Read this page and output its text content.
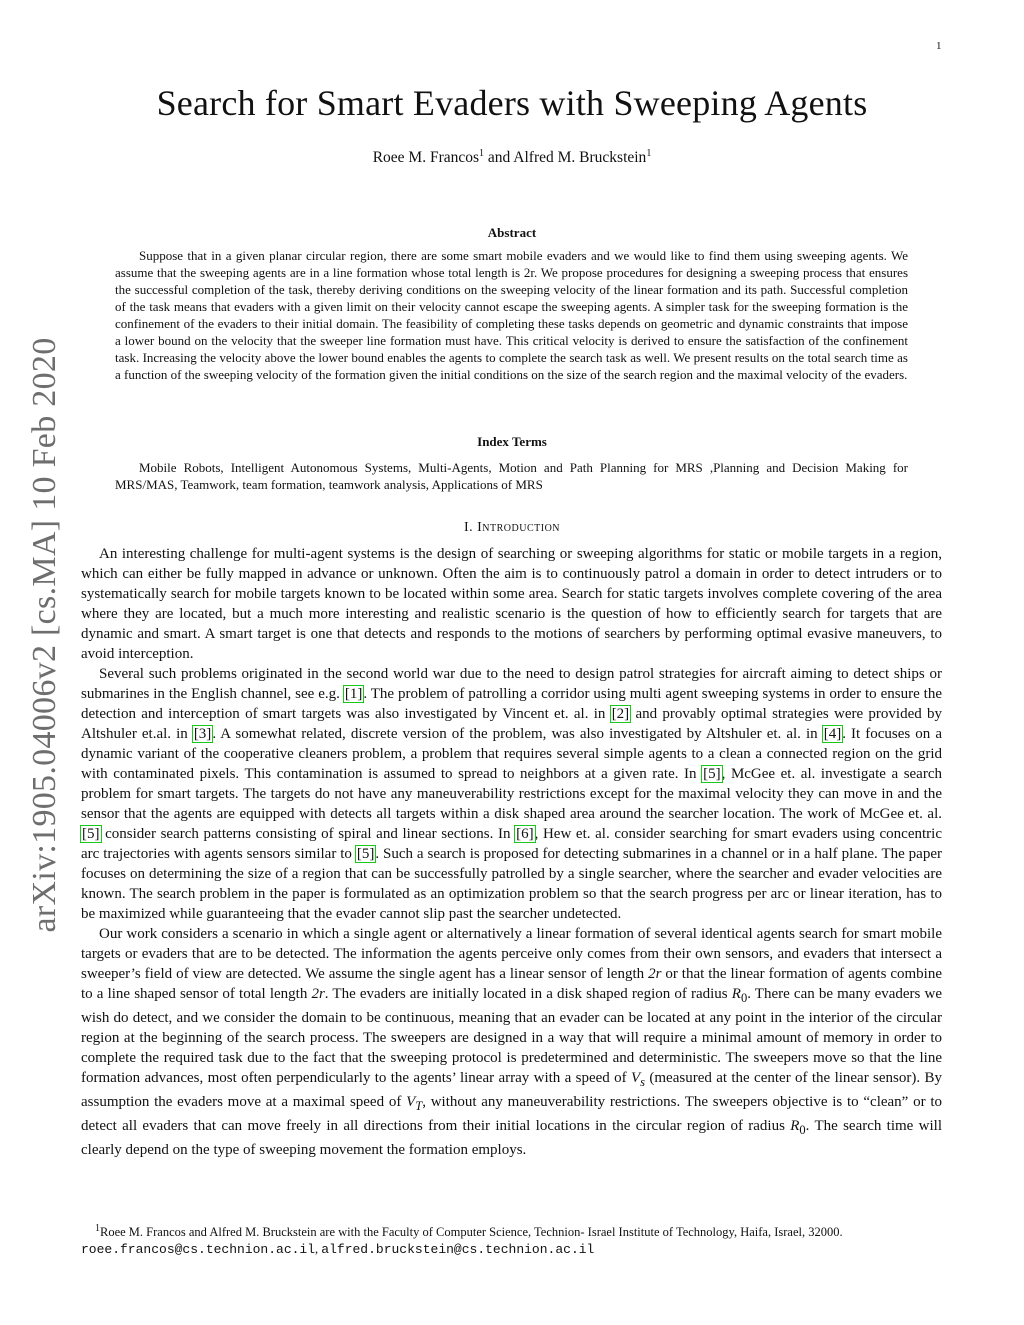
1
arXiv:1905.04006v2 [cs.MA] 10 Feb 2020
Search for Smart Evaders with Sweeping Agents
Roee M. Francos$^1$ and Alfred M. Bruckstein$^1$
Abstract

Suppose that in a given planar circular region, there are some smart mobile evaders and we would like to find them using sweeping agents. We assume that the sweeping agents are in a line formation whose total length is 2r. We propose procedures for designing a sweeping process that ensures the successful completion of the task, thereby deriving conditions on the sweeping velocity of the linear formation and its path. Successful completion of the task means that evaders with a given limit on their velocity cannot escape the sweeping agents. A simpler task for the sweeping formation is the confinement of the evaders to their initial domain. The feasibility of completing these tasks depends on geometric and dynamic constraints that impose a lower bound on the velocity that the sweeper line formation must have. This critical velocity is derived to ensure the satisfaction of the confinement task. Increasing the velocity above the lower bound enables the agents to complete the search task as well. We present results on the total search time as a function of the sweeping velocity of the formation given the initial conditions on the size of the search region and the maximal velocity of the evaders.

Index Terms

Mobile Robots, Intelligent Autonomous Systems, Multi-Agents, Motion and Path Planning for MRS ,Planning and Decision Making for MRS/MAS, Teamwork, team formation, teamwork analysis, Applications of MRS

I. Introduction

An interesting challenge for multi-agent systems is the design of searching or sweeping algorithms for static or mobile targets in a region, which can either be fully mapped in advance or unknown. Often the aim is to continuously patrol a domain in order to detect intruders or to systematically search for mobile targets known to be located within some area. Search for static targets involves complete covering of the area where they are located, but a much more interesting and realistic scenario is the question of how to efficiently search for targets that are dynamic and smart. A smart target is one that detects and responds to the motions of searchers by performing optimal evasive maneuvers, to avoid interception.

Several such problems originated in the second world war due to the need to design patrol strategies for aircraft aiming to detect ships or submarines in the English channel, see e.g. [1]. The problem of patrolling a corridor using multi agent sweeping systems in order to ensure the detection and interception of smart targets was also investigated by Vincent et. al. in [2] and provably optimal strategies were provided by Altshuler et.al. in [3]. A somewhat related, discrete version of the problem, was also investigated by Altshuler et. al. in [4]. It focuses on a dynamic variant of the cooperative cleaners problem, a problem that requires several simple agents to a clean a connected region on the grid with contaminated pixels. This contamination is assumed to spread to neighbors at a given rate. In [5], McGee et. al. investigate a search problem for smart targets. The targets do not have any maneuverability restrictions except for the maximal velocity they can move in and the sensor that the agents are equipped with detects all targets within a disk shaped area around the searcher location. The work of McGee et. al. [5] consider search patterns consisting of spiral and linear sections. In [6], Hew et. al. consider searching for smart evaders using concentric arc trajectories with agents sensors similar to [5]. Such a search is proposed for detecting submarines in a channel or in a half plane. The paper focuses on determining the size of a region that can be successfully patrolled by a single searcher, where the searcher and evader velocities are known. The search problem in the paper is formulated as an optimization problem so that the search progress per arc or linear iteration, has to be maximized while guaranteeing that the evader cannot slip past the searcher undetected.

Our work considers a scenario in which a single agent or alternatively a linear formation of several identical agents search for smart mobile targets or evaders that are to be detected. The information the agents perceive only comes from their own sensors, and evaders that intersect a sweeper’s field of view are detected. We assume the single agent has a linear sensor of length 2r or that the linear formation of agents combine to a line shaped sensor of total length 2r. The evaders are initially located in a disk shaped region of radius $R_0$. There can be many evaders we wish do detect, and we consider the domain to be continuous, meaning that an evader can be located at any point in the interior of the circular region at the beginning of the search process. The sweepers are designed in a way that will require a minimal amount of memory in order to complete the required task due to the fact that the sweeping protocol is predetermined and deterministic. The sweepers move so that the line formation advances, most often perpendicularly to the agents’ linear array with a speed of $V_s$ (measured at the center of the linear sensor). By assumption the evaders move at a maximal speed of $V_T$, without any maneuverability restrictions. The sweepers objective is to “clean” or to detect all evaders that can move freely in all directions from their initial locations in the circular region of radius $R_0$. The search time will clearly depend on the type of sweeping movement the formation employs.

$^1$Roee M. Francos and Alfred M. Bruckstein are with the Faculty of Computer Science, Technion- Israel Institute of Technology, Haifa, Israel, 32000.
roee.francos@cs.technion.ac.il, alfred.bruckstein@cs.technion.ac.il
